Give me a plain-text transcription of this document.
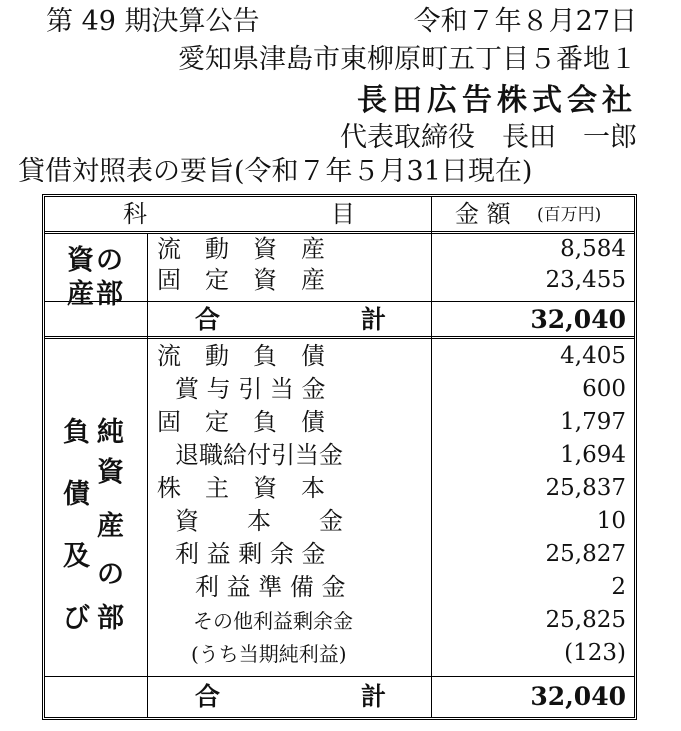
第 49 期決算公告	令和７年８月27日
愛知県津島市東柳原町五丁目５番地１
長田広告株式会社
代表取締役　長田　一郎
貸借対照表の要旨(令和７年５月31日現在)
科	目	金 額 (百万円)
資の
産部
流　動　資　産	8,584
固　定　資　産	23,455
合	計	32,040
負
債
及
び
純
資
産
の
部
流　動　負　債	4,405
賞 与 引 当 金	600
固　定　負　債	1,797
退職給付引当金	1,694
株　主　資　本	25,837
資　　本　　金	10
利 益 剰 余 金	25,827
利 益 準 備 金	2
その他利益剰余金	25,825
(うち当期純利益)	(123)
合	計	32,040
